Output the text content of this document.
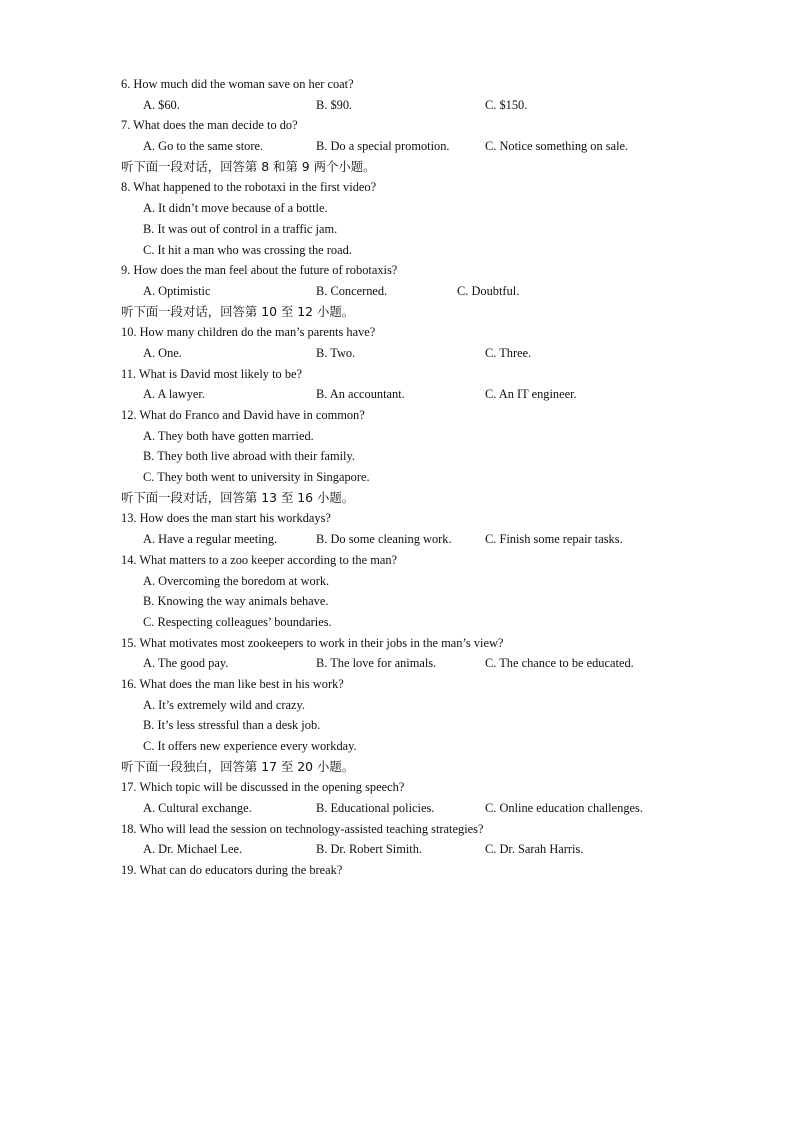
6. How much did the woman save on her coat?
A. $60.	B. $90.	C. $150.
7. What does the man decide to do?
A. Go to the same store.	B. Do a special promotion.	C. Notice something on sale.
听下面一段对话，回答第 8 和第 9 两个小题。
8. What happened to the robotaxi in the first video?
A. It didn’t move because of a bottle.
B. It was out of control in a traffic jam.
C. It hit a man who was crossing the road.
9. How does the man feel about the future of robotaxis?
A. Optimistic	B. Concerned.	C. Doubtful.
听下面一段对话，回答第 10 至 12 小题。
10. How many children do the man’s parents have?
A. One.	B. Two.	C. Three.
11. What is David most likely to be?
A. A lawyer.	B. An accountant.	C. An IT engineer.
12. What do Franco and David have in common?
A. They both have gotten married.
B. They both live abroad with their family.
C. They both went to university in Singapore.
听下面一段对话，回答第 13 至 16 小题。
13. How does the man start his workdays?
A. Have a regular meeting.	B. Do some cleaning work.	C. Finish some repair tasks.
14. What matters to a zoo keeper according to the man?
A. Overcoming the boredom at work.
B. Knowing the way animals behave.
C. Respecting colleagues’ boundaries.
15. What motivates most zookeepers to work in their jobs in the man’s view?
A. The good pay.	B. The love for animals.	C. The chance to be educated.
16. What does the man like best in his work?
A. It’s extremely wild and crazy.
B. It’s less stressful than a desk job.
C. It offers new experience every workday.
听下面一段独白，回答第 17 至 20 小题。
17. Which topic will be discussed in the opening speech?
A. Cultural exchange.	B. Educational policies.	C. Online education challenges.
18. Who will lead the session on technology-assisted teaching strategies?
A. Dr. Michael Lee.	B. Dr. Robert Simith.	C. Dr. Sarah Harris.
19. What can do educators during the break?
